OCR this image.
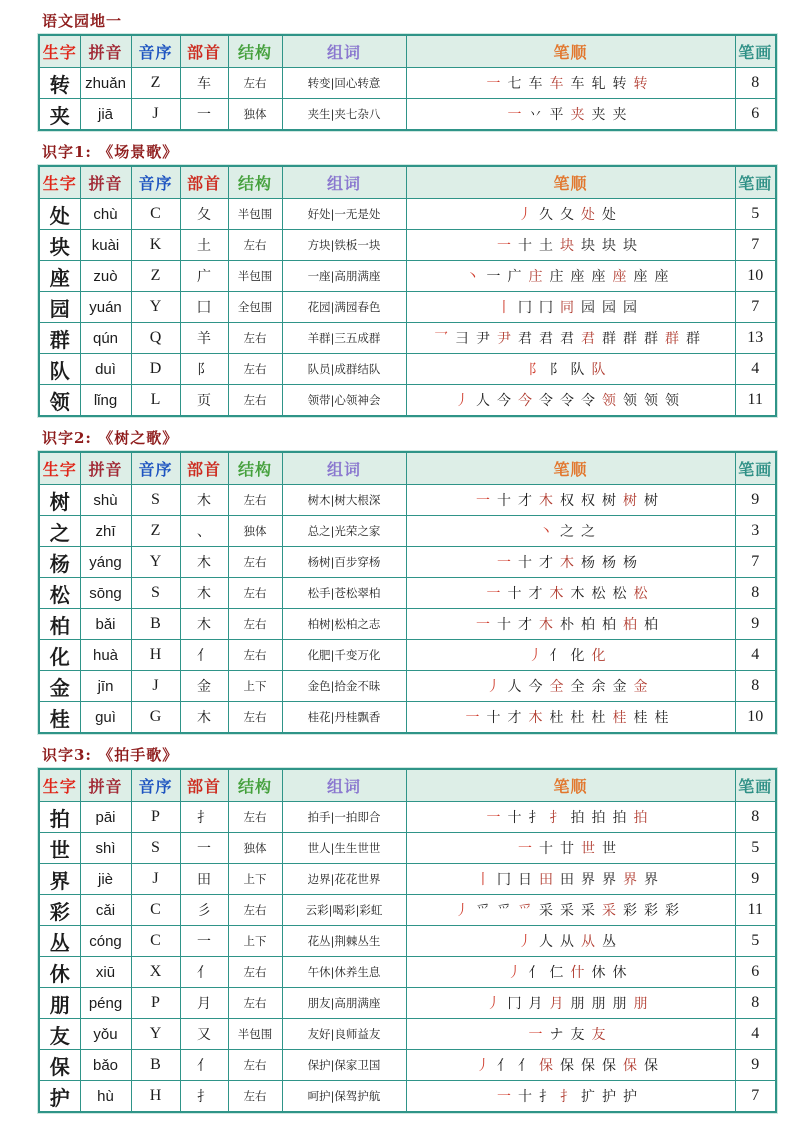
语文园地一
生字	拼音	音序	部首	结构	组词	笔顺	笔画
转	zhuǎn	Z	车	左右	转变|回心转意	一 七 车 车 车 轧 转 转	8
夹	jiā	J	一	独体	夹生|夹七杂八	一 丷 平 夹 夹 夹	6
识字1: 《场景歌》
生字	拼音	音序	部首	结构	组词	笔顺	笔画
处	chù	C	夂	半包围	好处|一无是处	丿 久 夂 处 处	5
块	kuài	K	土	左右	方块|铁板一块	一 十 土 块 块 块 块	7
座	zuò	Z	广	半包围	一座|高朋满座	丶 一 广 庄 庄 座 座 座 座 座	10
园	yuán	Y	囗	全包围	花园|满园春色	丨 冂 冂 同 园 园 园	7
群	qún	Q	羊	左右	羊群|三五成群	乛 彐 尹 尹 君 君 君 君 群 群 群 群 群	13
队	duì	D	阝	左右	队员|成群结队	阝 阝 队 队	4
领	lǐng	L	页	左右	领带|心领神会	丿 人 今 今 令 令 令 领 领 领 领	11
识字2: 《树之歌》
生字	拼音	音序	部首	结构	组词	笔顺	笔画
树	shù	S	木	左右	树木|树大根深	一 十 才 木 权 权 树 树 树	9
之	zhī	Z	、	独体	总之|光荣之家	丶 之 之	3
杨	yáng	Y	木	左右	杨树|百步穿杨	一 十 才 木 杨 杨 杨	7
松	sōng	S	木	左右	松手|苍松翠柏	一 十 才 木 木 松 松 松	8
柏	bǎi	B	木	左右	柏树|松柏之志	一 十 才 木 朴 柏 柏 柏 柏	9
化	huà	H	亻	左右	化肥|千变万化	丿 亻 化 化	4
金	jīn	J	金	上下	金色|拾金不昧	丿 人 今 全 全 余 金 金	8
桂	guì	G	木	左右	桂花|丹桂飘香	一 十 才 木 杜 杜 杜 桂 桂 桂	10
识字3: 《拍手歌》
生字	拼音	音序	部首	结构	组词	笔顺	笔画
拍	pāi	P	扌	左右	拍手|一拍即合	一 十 扌 扌 拍 拍 拍 拍	8
世	shì	S	一	独体	世人|生生世世	一 十 廿 世 世	5
界	jiè	J	田	上下	边界|花花世界	丨 冂 日 田 田 界 界 界 界	9
彩	cǎi	C	彡	左右	云彩|喝彩|彩虹	丿 爫 爫 爫 采 采 采 采 彩 彩 彩	11
丛	cóng	C	一	上下	花丛|荆棘丛生	丿 人 从 从 丛	5
休	xiū	X	亻	左右	午休|休养生息	丿 亻 仁 什 休 休	6
朋	péng	P	月	左右	朋友|高朋满座	丿 冂 月 月 朋 朋 朋 朋	8
友	yǒu	Y	又	半包围	友好|良师益友	一 ナ 友 友	4
保	bǎo	B	亻	左右	保护|保家卫国	丿 亻 亻 保 保 保 保 保 保	9
护	hù	H	扌	左右	呵护|保驾护航	一 十 扌 扌 扩 护 护	7
